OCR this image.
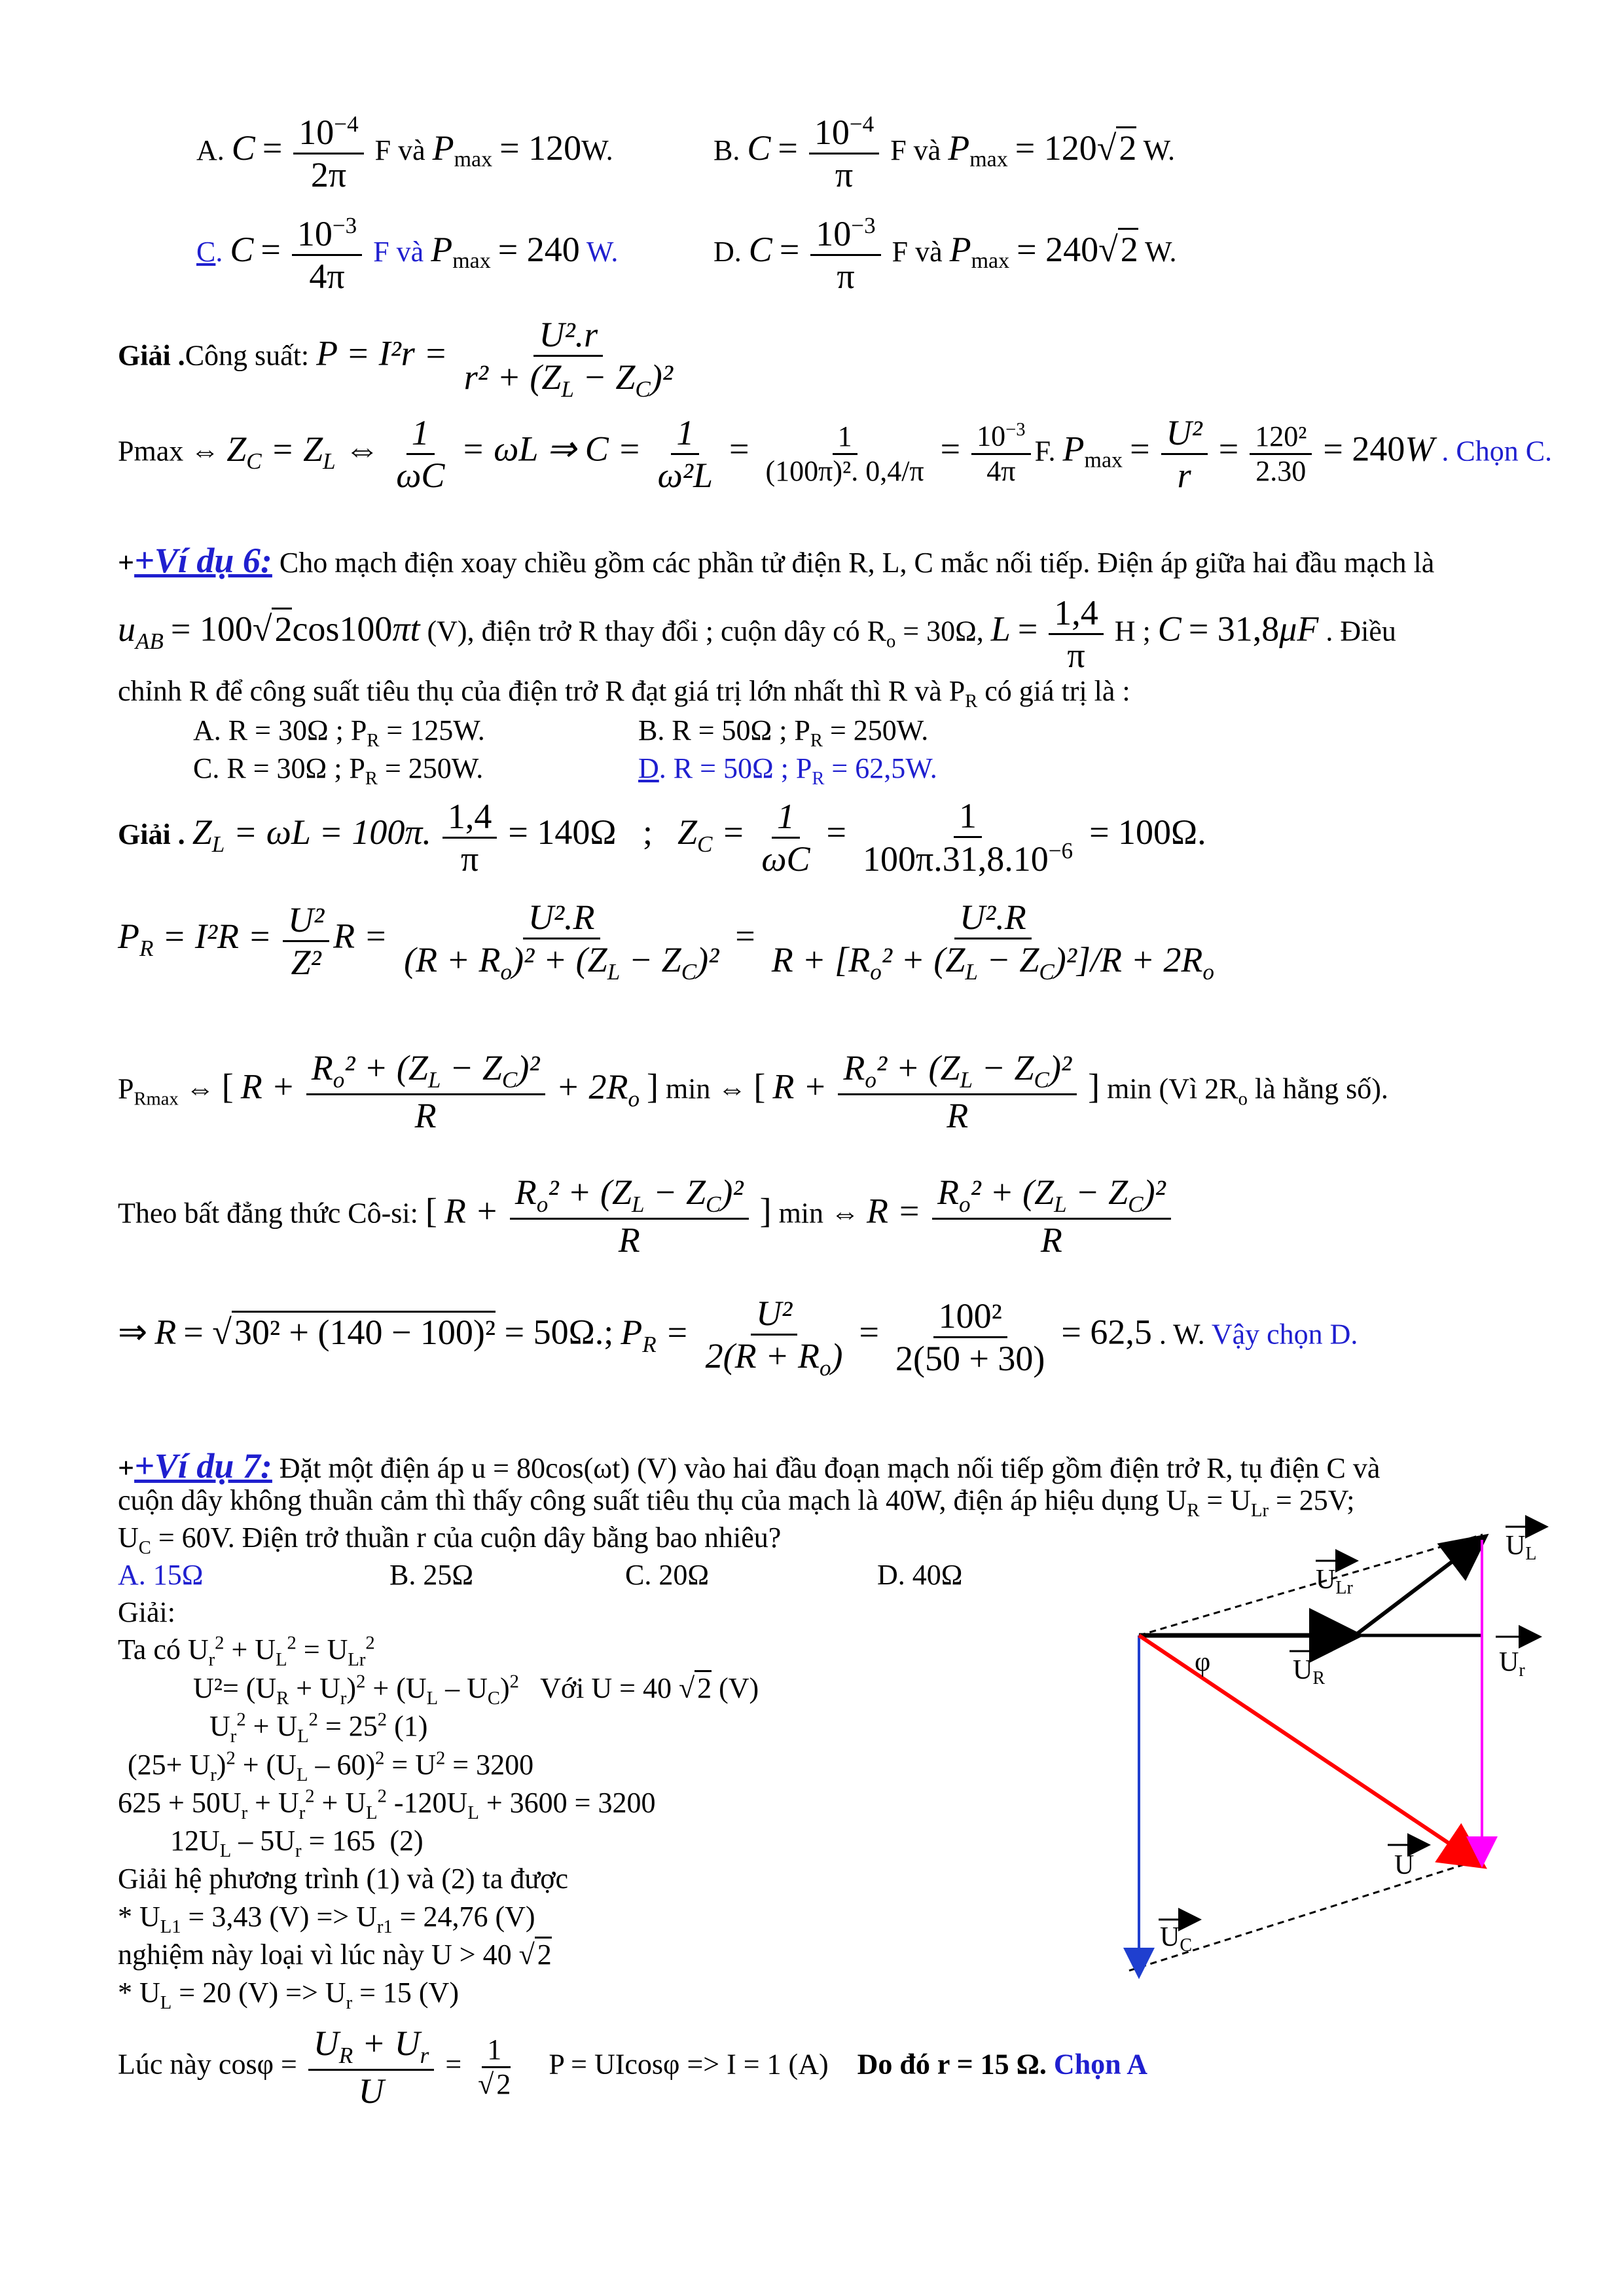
A. $C = \frac{10^{-4}}{2\pi}$ F và $P_{max} = 120W$.	B. $C = \frac{10^{-4}}{\pi}$ F và $P_{max} = 120√2$ W.
C. $C = \frac{10^{-3}}{4\pi}$ F và $P_{max} = 240$ W.	D. $C = \frac{10^{-3}}{\pi}$ F và $P_{max} = 240√2$ W.
Giải .Công suất: $P = I^2r = \frac{\text{U².r}}{r^2 + (Z_L - Z_C)^2}$
Pmax ⇔ $Z_C = Z_L$ ⇔ $\frac{1}{\omega C} = \omega L$ ⇒ $C = \frac{1}{\text{ω²L}} = \frac{1}{\text{(100π)². 0,4/π}} = \frac{10^{-3}}{4\pi} F$. $P_{max} = \frac{\text{U²}}{r} = \frac{\text{120²}}{2.30} = 240W$ . Chọn C.
++Ví dụ 6: Cho mạch điện xoay chiều gồm các phần tử điện R, L, C mắc nối tiếp. Điện áp giữa hai đầu mạch là
$u_{AB} = 100√2\cos 100\pi t$ (V), điện trở R thay đổi ; cuộn dây có $R_o = 30\Omega$, $L = \frac{1,4}{\pi}$ H ; C = 31,8μF . Điều
chỉnh R để công suất tiêu thụ của điện trở R đạt giá trị lớn nhất thì R và $P_R$ có giá trị là :
A. R = 30Ω ; $P_R = 125W$.	B. R = 50Ω ; $P_R = 250W$.
C. R = 30Ω ; $P_R = 250W$.	D. R = 50Ω ; $P_R = 62,5W$.
Giải . $Z_L = \omega L = 100\pi$. $\frac{1,4}{\pi} = 140\Omega$   ;   $Z_C = \frac{1}{\omega C} = \frac{1}{100\pi.31,8.10^{-6}} = 100\Omega$.
$P_R = I^2R = \frac{\text{U²}}{\text{Z²}}$ $R = \frac{\text{U².R}}{(R + R_o)^2 + (Z_L - Z_C)^2} = \frac{\text{U².R}}{R + [R_o^2 + (Z_L - Z_C)^2]/R + 2R_o}$
$P_{Rmax}$ ⇔ [ $R + \frac{R_o^2 + (Z_L - Z_C)^2}{R} + 2R_o$ ] min ⇔ [ $R + \frac{R_o^2 + (Z_L - Z_C)^2}{R}$ ] min (Vì $2R_o$ là hằng số).
Theo bất đẳng thức Cô-si: [ $R + \frac{R_o^2 + (Z_L - Z_C)^2}{R}$ ] min ⇔ $R = \frac{R_o^2 + (Z_L - Z_C)^2}{R}$
⇒ R = √30² + (140 − 100)² = 50Ω.; $P_R = \frac{\text{U²}}{2(R + R_o)} = \frac{\text{100²}}{2(50 + 30)} = 62,5$ . W. Vậy chọn D.
++Ví dụ 7: Đặt một điện áp u = 80cos(ωt) (V) vào hai đầu đoạn mạch nối tiếp gồm điện trở R, tụ điện C và
cuộn dây không thuần cảm thì thấy công suất tiêu thụ của mạch là 40W, điện áp hiệu dụng $U_R = U_{Lr} = 25V$;
$U_C = 60V$. Điện trở thuần r của cuộn dây bằng bao nhiêu?
A. 15Ω	B. 25Ω	C. 20Ω	D. 40Ω
Giải:
Ta có $U_r^2 + U_L^2 = U_{Lr}^2$
$U^2= (U_R + U_r)^2 + (U_L - U_C)^2$   Với U = 40 √2 (V)
$U_r^2 + U_L^2 = 25^2$ (1)
$(25+ U_r)^2 + (U_L - 60)^2 = U^2 = 3200$
$625 + 50U_r + U_r^2 + U_L^2$ $-120U_L + 3600 = 3200$
$12U_L - 5U_r = 165$  (2)
Giải hệ phương trình (1) và (2) ta được
* $U_{L1} = 3,43$ $(V) => U_{r1} = 24,76$ (V)
nghiệm này loại vì lúc này U > 40 √2
* $U_L = 20$ $(V) => U_r = 15$ (V)
Lúc này $\cos\varphi = \frac{U_R + U_r}{U} = \frac{1}{√2}$ P = UIcosφ => I = 1 (A) Do đó r = 15 Ω. Chọn A
ULr
UL
UR
Ur
U
UC
φ
